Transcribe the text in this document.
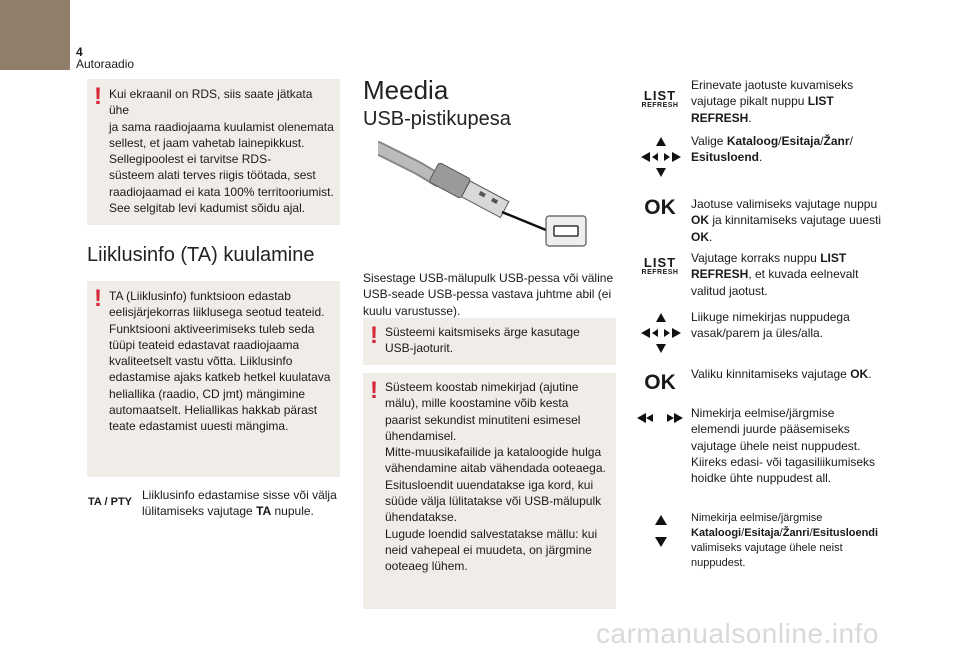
4
Autoraadio
! Kui ekraanil on RDS, siis saate jätkata ühe
ja sama raadiojaama kuulamist olenemata
sellest, et jaam vahetab lainepikkust.
Sellegipoolest ei tarvitse RDS-
süsteem alati terves riigis töötada, sest
raadiojaamad ei kata 100% territooriumist.
See selgitab levi kadumist sõidu ajal.
Liiklusinfo (TA) kuulamine
! TA (Liiklusinfo) funktsioon edastab
eelisjärjekorras liiklusega seotud teateid.
Funktsiooni aktiveerimiseks tuleb seda
tüüpi teateid edastavat raadiojaama
kvaliteetselt vastu võtta. Liiklusinfo
edastamise ajaks katkeb hetkel kuulatava
heliallika (raadio, CD jmt) mängimine
automaatselt. Heliallikas hakkab pärast
teate edastamist uuesti mängima.
TA / PTY Liiklusinfo edastamise sisse või välja
lülitamiseks vajutage TA nupule.
Meedia
USB-pistikupesa
Sisestage USB-mälupulk USB-pessa või väline
USB-seade USB-pessa vastava juhtme abil (ei
kuulu varustusse).
! Süsteemi kaitsmiseks ärge kasutage
USB-jaoturit.
! Süsteem koostab nimekirjad (ajutine
mälu), mille koostamine võib kesta
paarist sekundist minutiteni esimesel
ühendamisel.
Mitte-muusikafailide ja kataloogide hulga
vähendamine aitab vähendada ooteaega.
Esitusloendit uuendatakse iga kord, kui
süüde välja lülitatakse või USB-mälupulk
ühendatakse.
Lugude loendid salvestatakse mällu: kui
neid vahepeal ei muudeta, on järgmine
ooteaeg lühem.
LIST
REFRESH
Erinevate jaotuste kuvamiseks
vajutage pikalt nuppu LIST
REFRESH.
Valige Kataloog/Esitaja/Žanr/
Esitusloend.
OK	Jaotuse valimiseks vajutage nuppu
OK ja kinnitamiseks vajutage uuesti
OK.
LIST
REFRESH
Vajutage korraks nuppu LIST
REFRESH, et kuvada eelnevalt
valitud jaotust.
Liikuge nimekirjas nuppudega
vasak/parem ja üles/alla.
OK	Valiku kinnitamiseks vajutage OK.
Nimekirja eelmise/järgmise
elemendi juurde pääsemiseks
vajutage ühele neist nuppudest.
Kiireks edasi- või tagasiliikumiseks
hoidke ühte nuppudest all.
Nimekirja eelmise/järgmise
Kataloogi/Esitaja/Žanri/Esitusloendi
valimiseks vajutage ühele neist
nuppudest.
carmanualsonline.info
